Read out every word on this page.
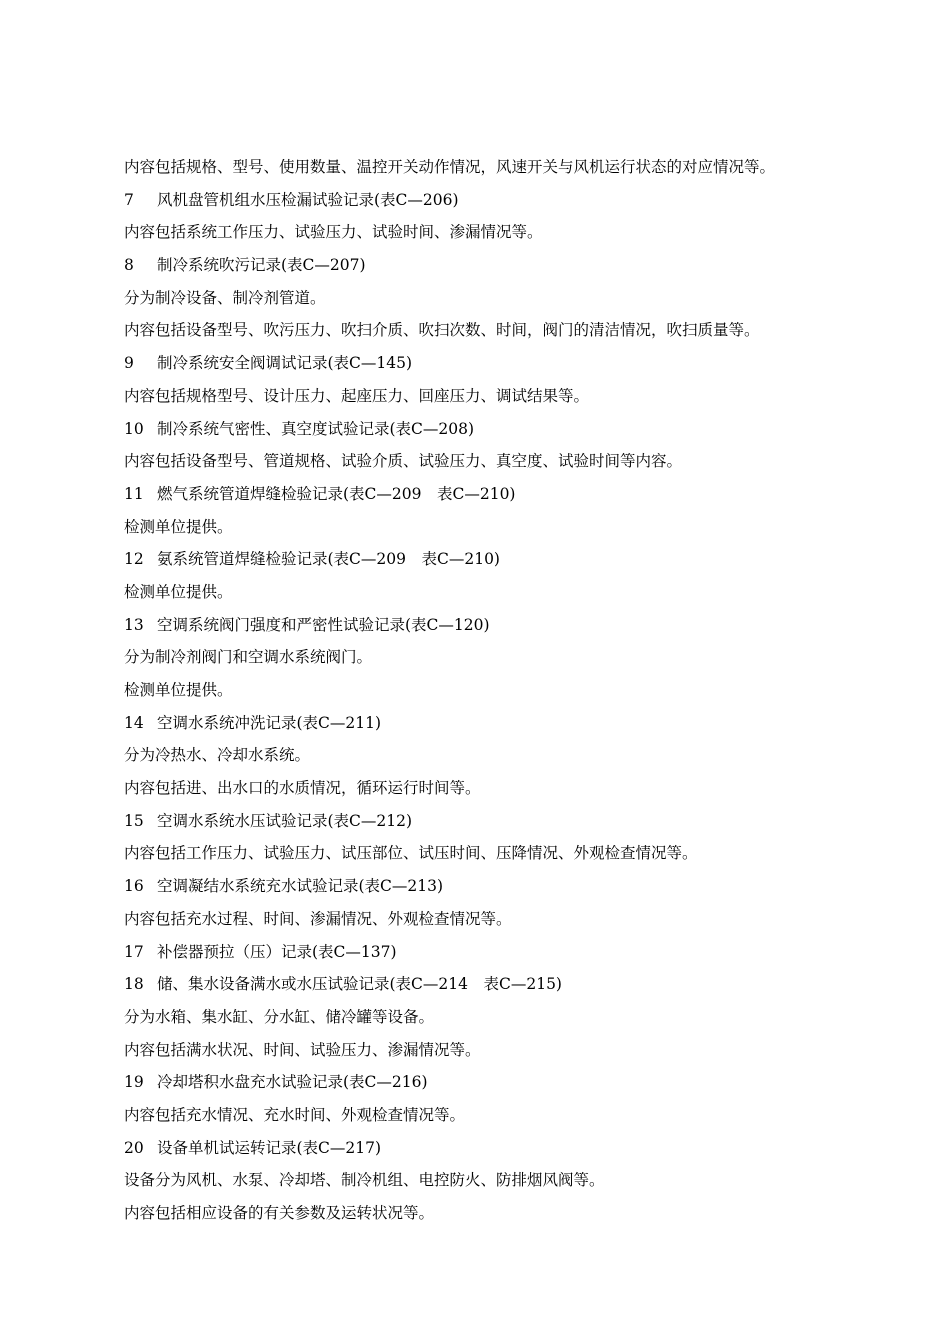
内容包括规格、型号、使用数量、温控开关动作情况，风速开关与风机运行状态的对应情况等。
7 风机盘管机组水压检漏试验记录(表C—206)
内容包括系统工作压力、试验压力、试验时间、渗漏情况等。
8 制冷系统吹污记录(表C—207)
分为制冷设备、制冷剂管道。
内容包括设备型号、吹污压力、吹扫介质、吹扫次数、时间，阀门的清洁情况，吹扫质量等。
9 制冷系统安全阀调试记录(表C—145)
内容包括规格型号、设计压力、起座压力、回座压力、调试结果等。
10 制冷系统气密性、真空度试验记录(表C—208)
内容包括设备型号、管道规格、试验介质、试验压力、真空度、试验时间等内容。
11 燃气系统管道焊缝检验记录(表C—209　表C—210)
检测单位提供。
12 氨系统管道焊缝检验记录(表C—209　表C—210)
检测单位提供。
13 空调系统阀门强度和严密性试验记录(表C—120)
分为制冷剂阀门和空调水系统阀门。
检测单位提供。
14 空调水系统冲洗记录(表C—211)
分为冷热水、冷却水系统。
内容包括进、出水口的水质情况，循环运行时间等。
15 空调水系统水压试验记录(表C—212)
内容包括工作压力、试验压力、试压部位、试压时间、压降情况、外观检查情况等。
16 空调凝结水系统充水试验记录(表C—213)
内容包括充水过程、时间、渗漏情况、外观检查情况等。
17 补偿器预拉（压）记录(表C—137)
18 储、集水设备满水或水压试验记录(表C—214　表C—215)
分为水箱、集水缸、分水缸、储冷罐等设备。
内容包括满水状况、时间、试验压力、渗漏情况等。
19 冷却塔积水盘充水试验记录(表C—216)
内容包括充水情况、充水时间、外观检查情况等。
20 设备单机试运转记录(表C—217)
设备分为风机、水泵、冷却塔、制冷机组、电控防火、防排烟风阀等。
内容包括相应设备的有关参数及运转状况等。
